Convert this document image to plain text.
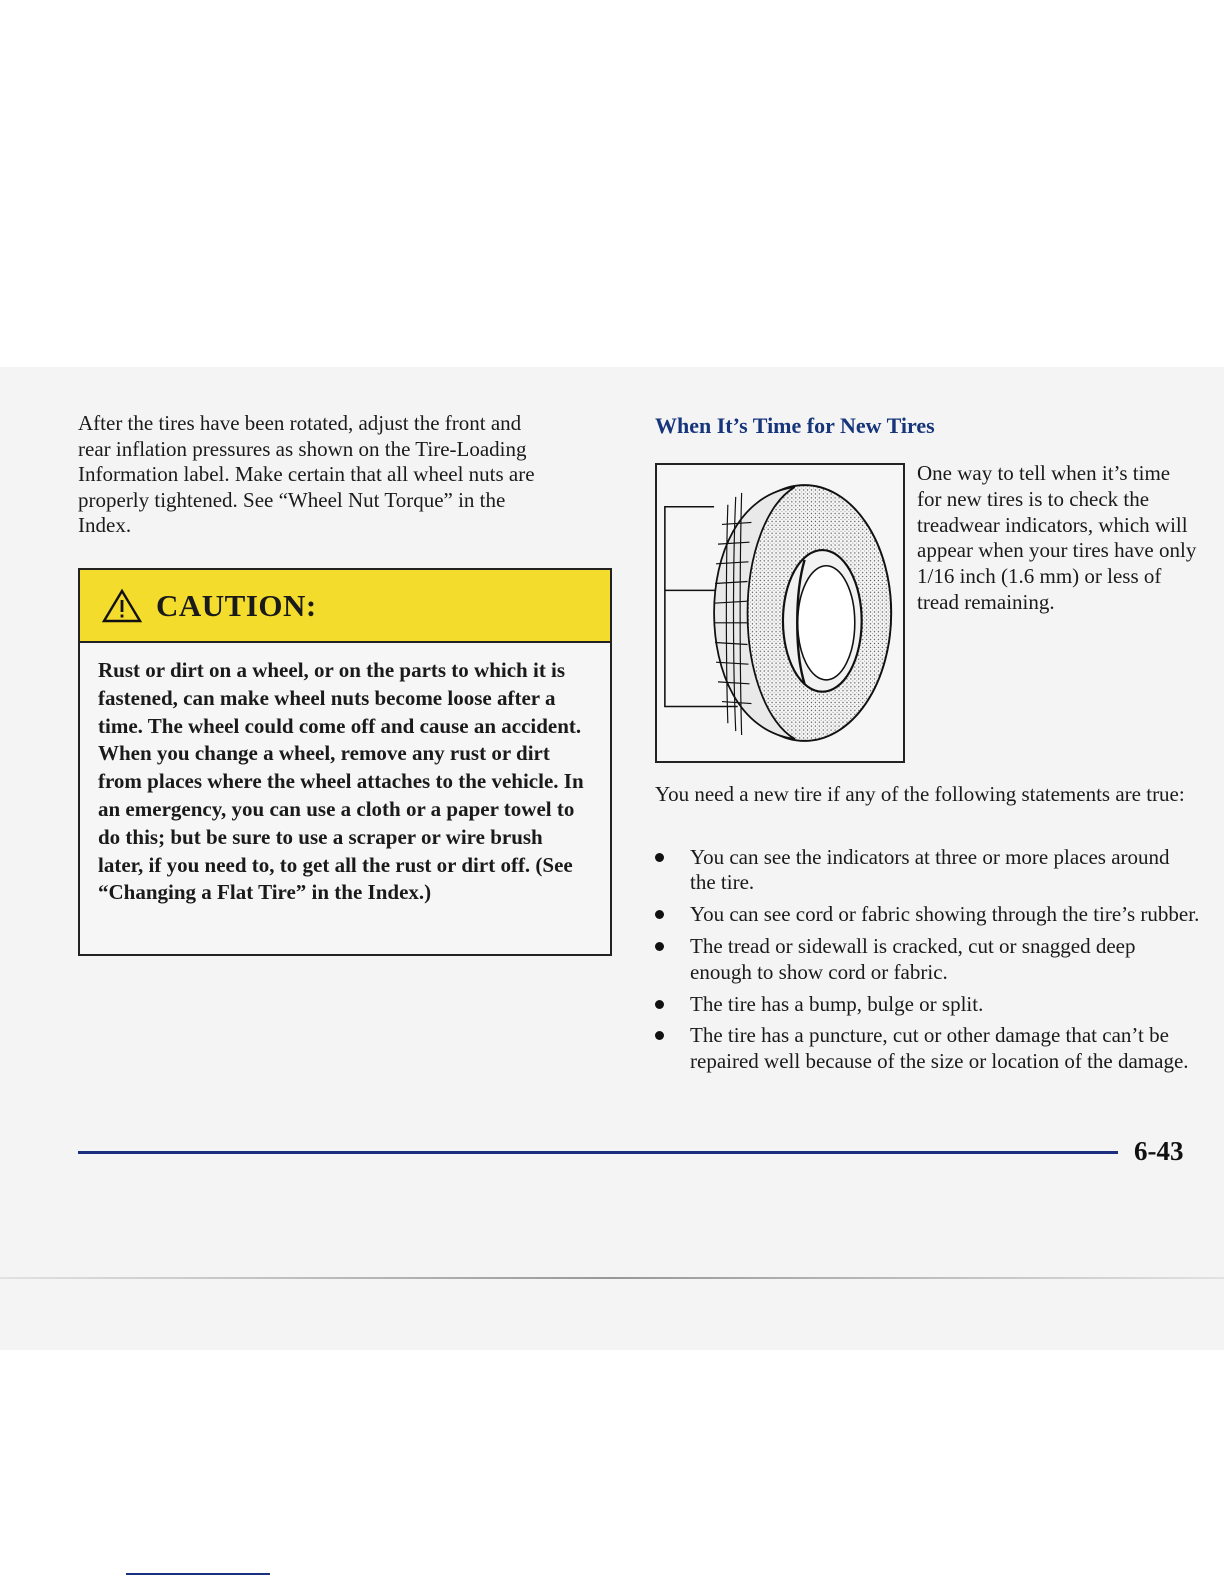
After the tires have been rotated, adjust the front and rear inflation pressures as shown on the Tire-Loading Information label. Make certain that all wheel nuts are properly tightened. See “Wheel Nut Torque” in the Index.

CAUTION:

Rust or dirt on a wheel, or on the parts to which it is fastened, can make wheel nuts become loose after a time. The wheel could come off and cause an accident. When you change a wheel, remove any rust or dirt from places where the wheel attaches to the vehicle. In an emergency, you can use a cloth or a paper towel to do this; but be sure to use a scraper or wire brush later, if you need to, to get all the rust or dirt off. (See “Changing a Flat Tire” in the Index.)

When It’s Time for New Tires

One way to tell when it’s time for new tires is to check the treadwear indicators, which will appear when your tires have only 1/16 inch (1.6 mm) or less of tread remaining.

You need a new tire if any of the following statements are true:

You can see the indicators at three or more places around the tire.
You can see cord or fabric showing through the tire’s rubber.
The tread or sidewall is cracked, cut or snagged deep enough to show cord or fabric.
The tire has a bump, bulge or split.
The tire has a puncture, cut or other damage that can’t be repaired well because of the size or location of the damage.
6-43
